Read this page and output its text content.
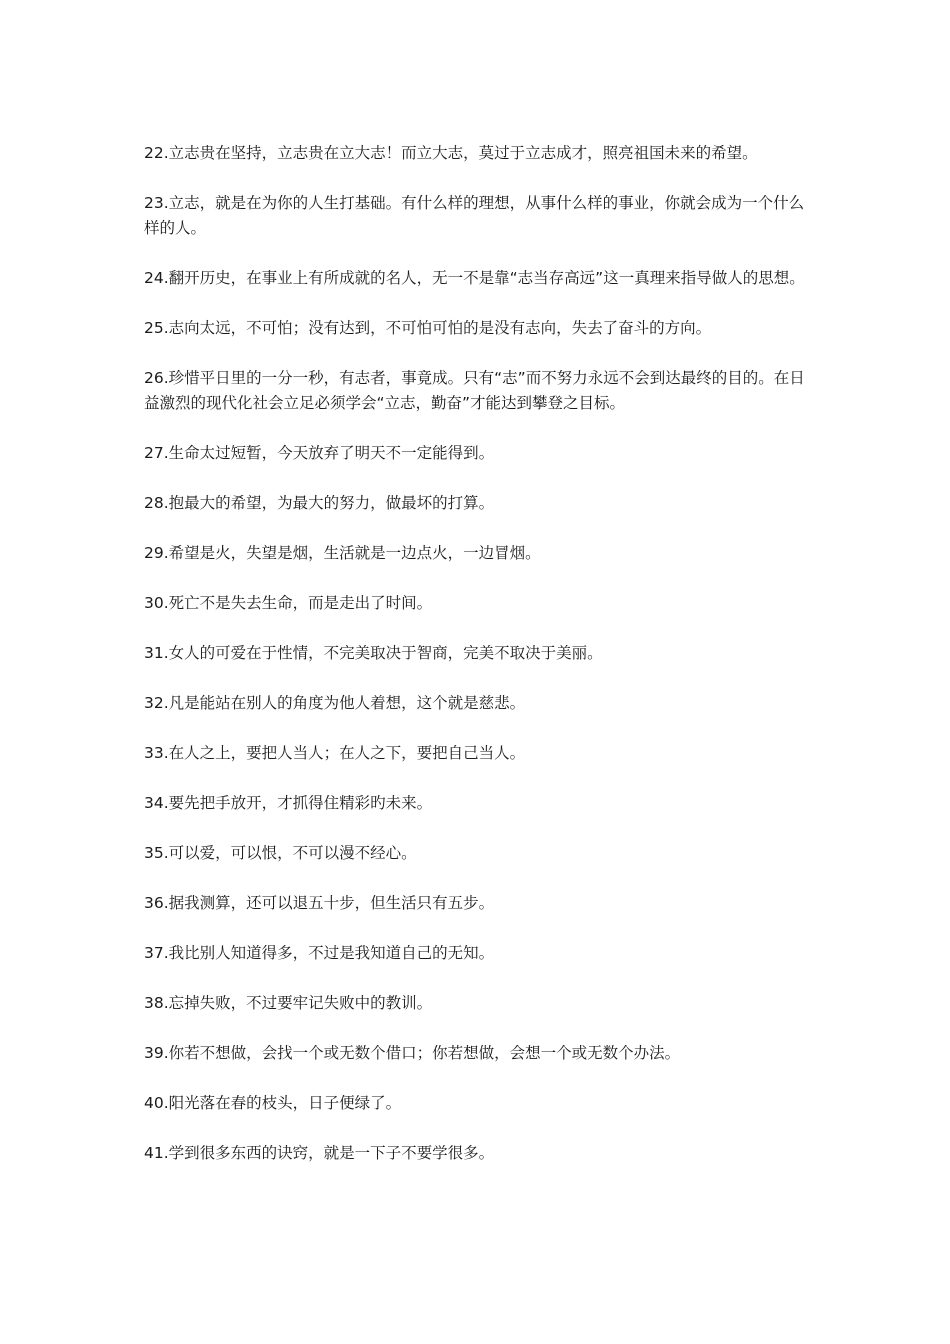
22.立志贵在坚持，立志贵在立大志！而立大志，莫过于立志成才，照亮祖国未来的希望。

23.立志，就是在为你的人生打基础。有什么样的理想，从事什么样的事业，你就会成为一个什么样的人。

24.翻开历史，在事业上有所成就的名人，无一不是靠“志当存高远”这一真理来指导做人的思想。

25.志向太远，不可怕；没有达到，不可怕可怕的是没有志向，失去了奋斗的方向。

26.珍惜平日里的一分一秒，有志者，事竟成。只有“志”而不努力永远不会到达最终的目的。在日益激烈的现代化社会立足必须学会“立志，勤奋”才能达到攀登之目标。

27.生命太过短暂，今天放弃了明天不一定能得到。

28.抱最大的希望，为最大的努力，做最坏的打算。

29.希望是火，失望是烟，生活就是一边点火，一边冒烟。

30.死亡不是失去生命，而是走出了时间。

31.女人的可爱在于性情，不完美取决于智商，完美不取决于美丽。

32.凡是能站在别人的角度为他人着想，这个就是慈悲。

33.在人之上，要把人当人；在人之下，要把自己当人。

34.要先把手放开，才抓得住精彩旳未来。

35.可以爱，可以恨，不可以漫不经心。

36.据我测算，还可以退五十步，但生活只有五步。

37.我比别人知道得多，不过是我知道自己的无知。

38.忘掉失败，不过要牢记失败中的教训。

39.你若不想做，会找一个或无数个借口；你若想做，会想一个或无数个办法。

40.阳光落在春的枝头，日子便绿了。

41.学到很多东西的诀窍，就是一下子不要学很多。
